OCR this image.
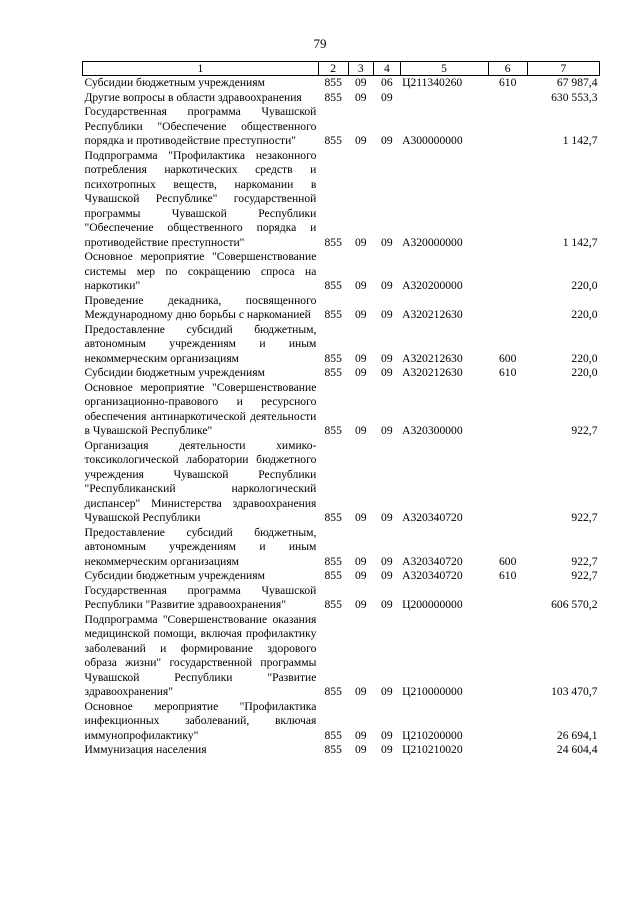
79
1	2	3	4	5	6	7
Субсидии бюджетным учреждениям	855	09	06	Ц211340260	610	67 987,4
Другие вопросы в области здравоохранения	855	09	09			630 553,3
Государственная программа Чувашской Республики "Обеспечение общественного порядка и противодействие преступности"	855	09	09	А300000000		1 142,7
Подпрограмма "Профилактика незаконного потребления наркотических средств и психотропных веществ, наркомании в Чувашской Республике" государственной программы Чувашской Республики "Обеспечение общественного порядка и противодействие преступности"	855	09	09	А320000000		1 142,7
Основное мероприятие "Совершенствование системы мер по сокращению спроса на наркотики"	855	09	09	А320200000		220,0
Проведение декадника, посвященного Международному дню борьбы с наркоманией	855	09	09	А320212630		220,0
Предоставление субсидий бюджетным, автономным учреждениям и иным некоммерческим организациям	855	09	09	А320212630	600	220,0
Субсидии бюджетным учреждениям	855	09	09	А320212630	610	220,0
Основное мероприятие "Совершенствование организационно-правового и ресурсного обеспечения антинаркотической деятельности в Чувашской Республике"	855	09	09	А320300000		922,7
Организация деятельности химико-токсикологической лаборатории бюджетного учреждения Чувашской Республики "Республиканский наркологический диспансер" Министерства здравоохранения Чувашской Республики	855	09	09	А320340720		922,7
Предоставление субсидий бюджетным, автономным учреждениям и иным некоммерческим организациям	855	09	09	А320340720	600	922,7
Субсидии бюджетным учреждениям	855	09	09	А320340720	610	922,7
Государственная программа Чувашской Республики "Развитие здравоохранения"	855	09	09	Ц200000000		606 570,2
Подпрограмма "Совершенствование оказания медицинской помощи, включая профилактику заболеваний и формирование здорового образа жизни" государственной программы Чувашской Республики "Развитие здравоохранения"	855	09	09	Ц210000000		103 470,7
Основное мероприятие "Профилактика инфекционных заболеваний, включая иммунопрофилактику"	855	09	09	Ц210200000		26 694,1
Иммунизация населения	855	09	09	Ц210210020		24 604,4
